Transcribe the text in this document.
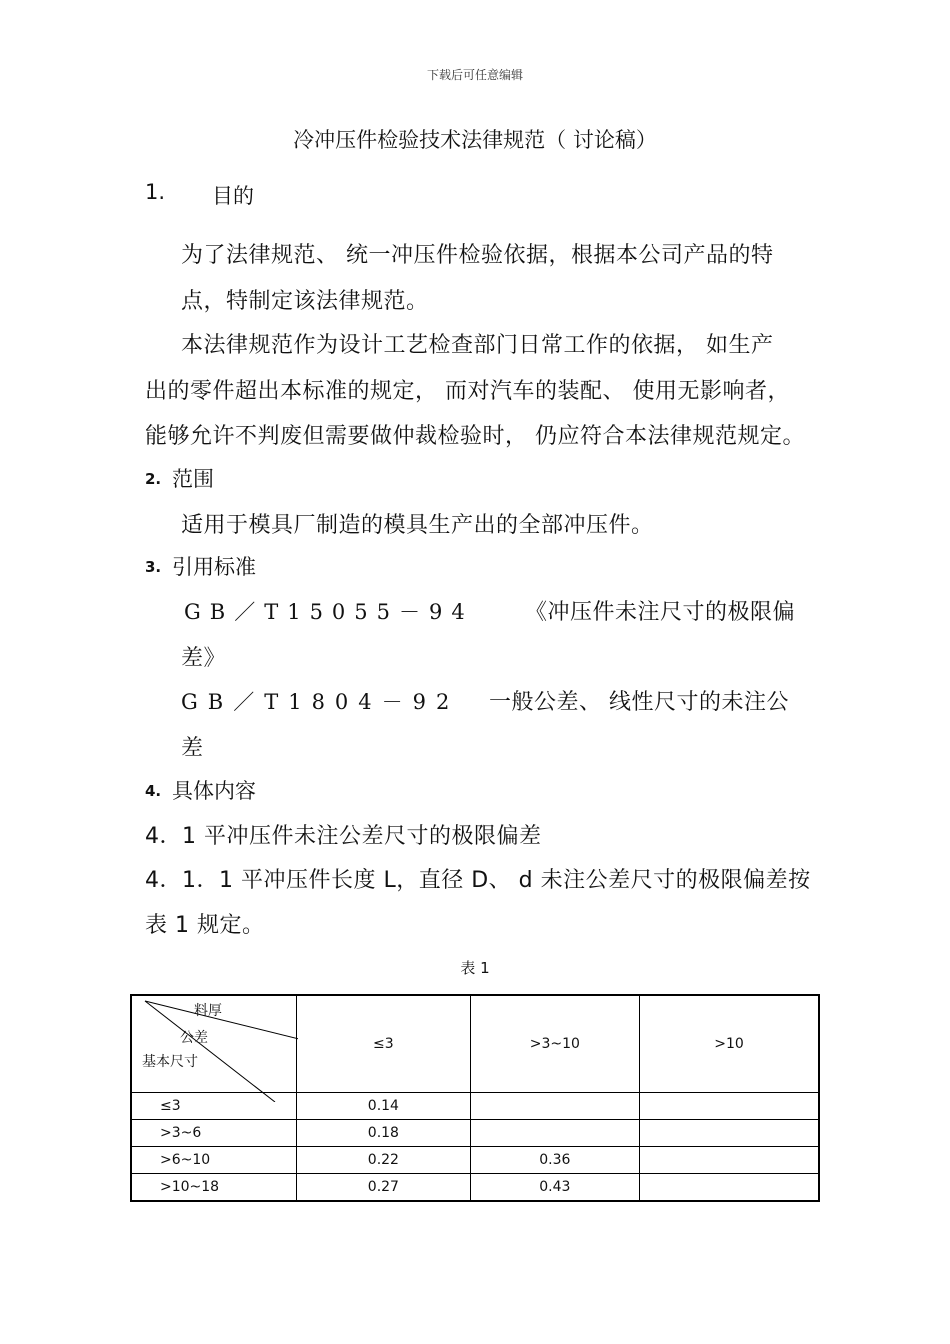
下载后可任意编辑
冷冲压件检验技术法律规范（ 讨论稿）
1. 目的
为了法律规范、 统一冲压件检验依据，根据本公司产品的特
点，特制定该法律规范。
本法律规范作为设计工艺检查部门日常工作的依据， 如生产
出的零件超出本标准的规定， 而对汽车的装配、 使用无影响者，
能够允许不判废但需要做仲裁检验时， 仍应符合本法律规范规定。
2. 范围
适用于模具厂制造的模具生产出的全部冲压件。
3. 引用标准
GB／T15055－94 《冲压件未注尺寸的极限偏
差》
GB／T1804－92 一般公差、 线性尺寸的未注公
差
4. 具体内容
4．1 平冲压件未注公差尺寸的极限偏差
4．1．1 平冲压件长度 L，直径 D、 d 未注公差尺寸的极限偏差按
表 1 规定。
表 1
料厚
公差
基本尺寸	≤3	>3~10	>10
≤3	0.14		
>3~6	0.18		
>6~10	0.22	0.36	
>10~18	0.27	0.43	
